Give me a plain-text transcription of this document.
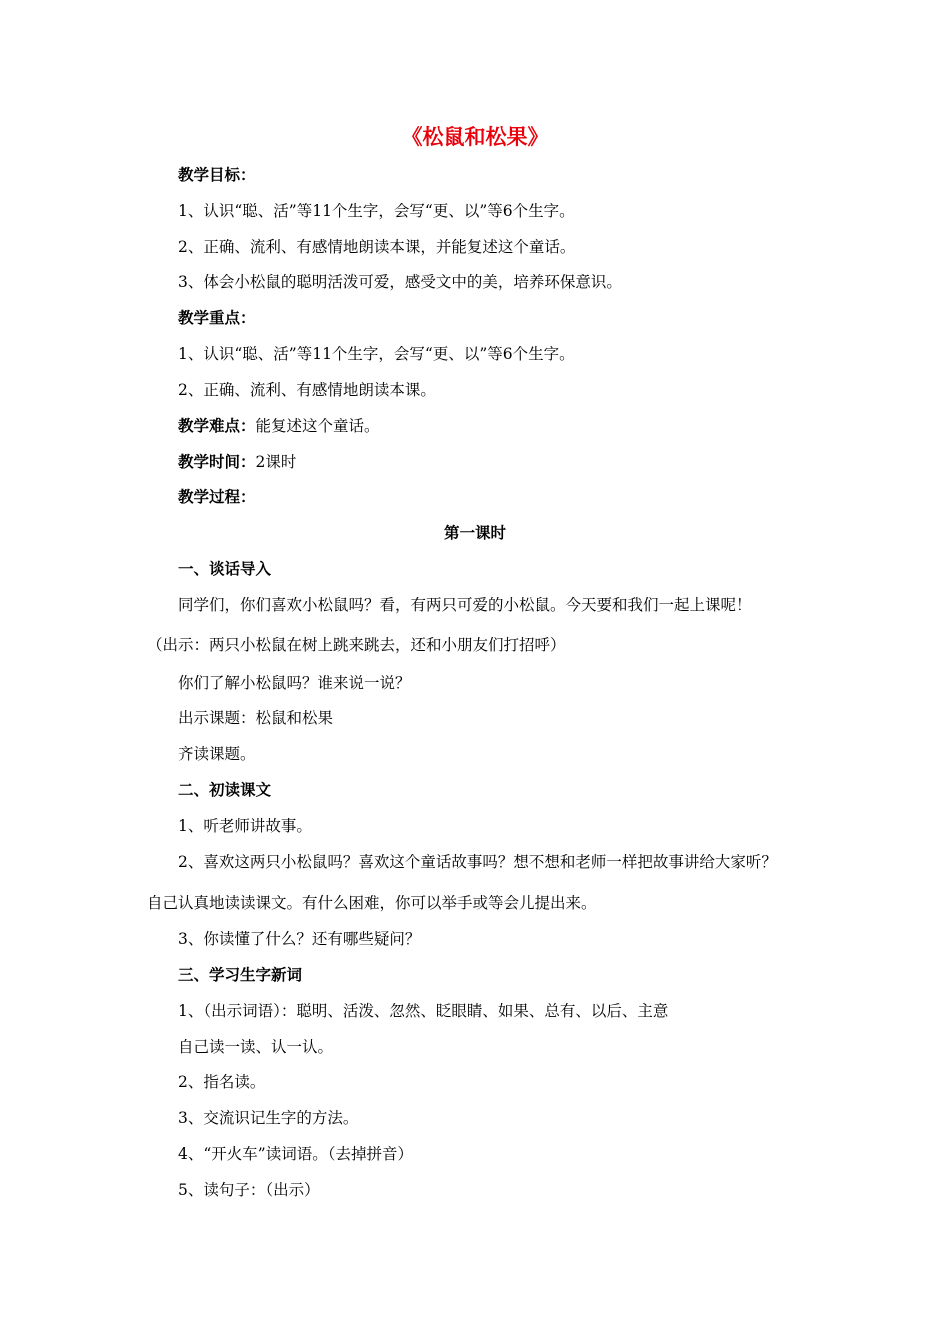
《松鼠和松果》
教学目标：
1、认识“聪、活”等11个生字，会写“更、以”等6个生字。
2、正确、流利、有感情地朗读本课，并能复述这个童话。
3、体会小松鼠的聪明活泼可爱，感受文中的美，培养环保意识。
教学重点：
1、认识“聪、活”等11个生字，会写“更、以”等6个生字。
2、正确、流利、有感情地朗读本课。
教学难点：能复述这个童话。
教学时间：2课时
教学过程：
第一课时
一、谈话导入
同学们，你们喜欢小松鼠吗？看，有两只可爱的小松鼠。今天要和我们一起上课呢！
（出示：两只小松鼠在树上跳来跳去，还和小朋友们打招呼）
你们了解小松鼠吗？谁来说一说？
出示课题：松鼠和松果
齐读课题。
二、初读课文
1、听老师讲故事。
2、喜欢这两只小松鼠吗？喜欢这个童话故事吗？想不想和老师一样把故事讲给大家听？
自己认真地读读课文。有什么困难，你可以举手或等会儿提出来。
3、你读懂了什么？还有哪些疑问？
三、学习生字新词
1、（出示词语）：聪明、活泼、忽然、眨眼睛、如果、总有、以后、主意
自己读一读、认一认。
2、指名读。
3、交流识记生字的方法。
4、“开火车”读词语。（去掉拼音）
5、读句子：（出示）
